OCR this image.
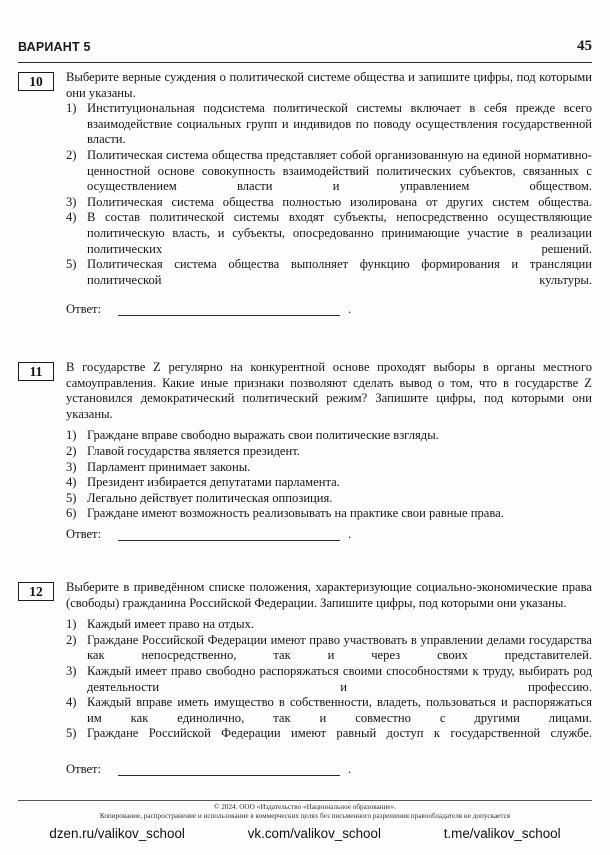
ВАРИАНТ 5	45
10	Выберите верные суждения о политической системе общества и запишите цифры, под которыми они указаны.
1) Институциональная подсистема политической системы включает в себя прежде всего взаимодействие социальных групп и индивидов по поводу осуществления государственной власти.
2) Политическая система общества представляет собой организованную на единой нормативно-ценностной основе совокупность взаимодействий политических субъектов, связанных с осуществлением власти и управлением обществом.
3) Политическая система общества полностью изолирована от других систем общества.
4) В состав политической системы входят субъекты, непосредственно осуществляющие политическую власть, и субъекты, опосредованно принимающие участие в реализации политических решений.
5) Политическая система общества выполняет функцию формирования и трансляции политической культуры.
Ответ:	.
11	В государстве Z регулярно на конкурентной основе проходят выборы в органы местного самоуправления. Какие иные признаки позволяют сделать вывод о том, что в государстве Z установился демократический политический режим? Запишите цифры, под которыми они указаны.
1) Граждане вправе свободно выражать свои политические взгляды.
2) Главой государства является президент.
3) Парламент принимает законы.
4) Президент избирается депутатами парламента.
5) Легально действует политическая оппозиция.
6) Граждане имеют возможность реализовывать на практике свои равные права.
Ответ:	.
12	Выберите в приведённом списке положения, характеризующие социально-экономические права (свободы) гражданина Российской Федерации. Запишите цифры, под которыми они указаны.
1) Каждый имеет право на отдых.
2) Граждане Российской Федерации имеют право участвовать в управлении делами государства как непосредственно, так и через своих представителей.
3) Каждый имеет право свободно распоряжаться своими способностями к труду, выбирать род деятельности и профессию.
4) Каждый вправе иметь имущество в собственности, владеть, пользоваться и распоряжаться им как единолично, так и совместно с другими лицами.
5) Граждане Российской Федерации имеют равный доступ к государственной службе.
Ответ:	.
© 2024. ООО «Издательство «Национальное образование».
Копирование, распространение и использование в коммерческих целях без письменного разрешения правообладателя не допускается
dzen.ru/valikov_school	vk.com/valikov_school	t.me/valikov_school
